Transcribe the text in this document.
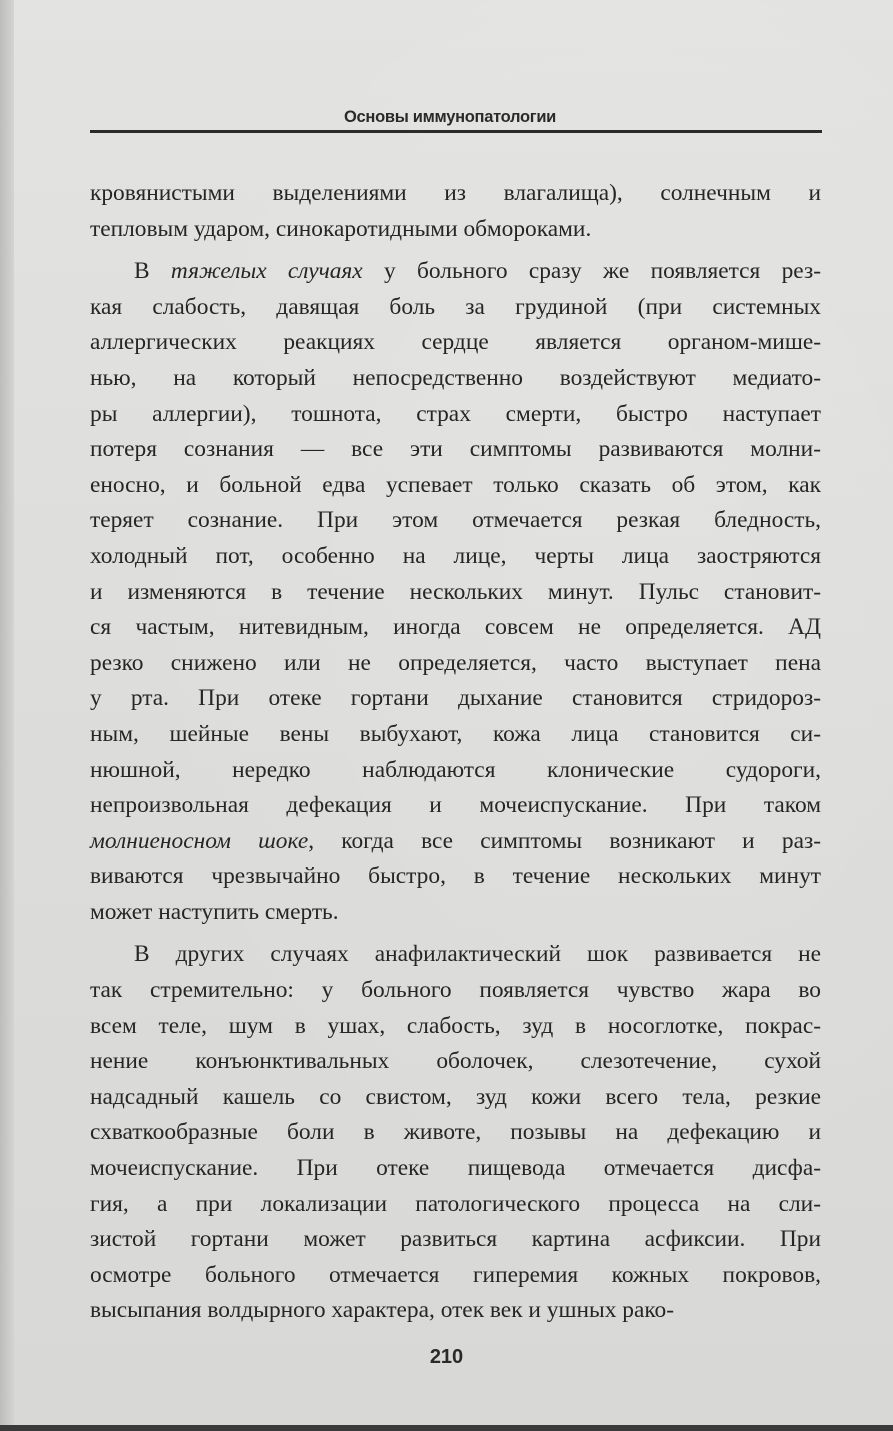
Основы иммунопатологии
кровянистыми выделениями из влагалища), солнечным и
тепловым ударом, синокаротидными обмороками.
В тяжелых случаях у больного сразу же появляется рез-
кая слабость, давящая боль за грудиной (при системных
аллергических реакциях сердце является органом-мише-
нью, на который непосредственно воздействуют медиато-
ры аллергии), тошнота, страх смерти, быстро наступает
потеря сознания — все эти симптомы развиваются молни-
еносно, и больной едва успевает только сказать об этом, как
теряет сознание. При этом отмечается резкая бледность,
холодный пот, особенно на лице, черты лица заостряются
и изменяются в течение нескольких минут. Пульс становит-
ся частым, нитевидным, иногда совсем не определяется. АД
резко снижено или не определяется, часто выступает пена
у рта. При отеке гортани дыхание становится стридороз-
ным, шейные вены выбухают, кожа лица становится си-
нюшной, нередко наблюдаются клонические судороги,
непроизвольная дефекация и мочеиспускание. При таком
молниеносном шоке, когда все симптомы возникают и раз-
виваются чрезвычайно быстро, в течение нескольких минут
может наступить смерть.
В других случаях анафилактический шок развивается не
так стремительно: у больного появляется чувство жара во
всем теле, шум в ушах, слабость, зуд в носоглотке, покрас-
нение конъюнктивальных оболочек, слезотечение, сухой
надсадный кашель со свистом, зуд кожи всего тела, резкие
схваткообразные боли в животе, позывы на дефекацию и
мочеиспускание. При отеке пищевода отмечается дисфа-
гия, а при локализации патологического процесса на сли-
зистой гортани может развиться картина асфиксии. При
осмотре больного отмечается гиперемия кожных покровов,
высыпания волдырного характера, отек век и ушных рако-
210
